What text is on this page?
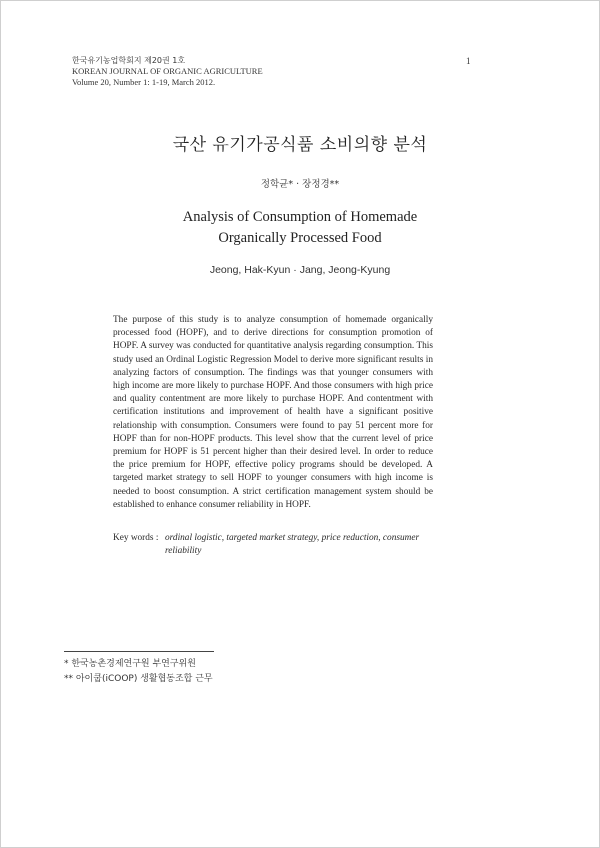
한국유기농업학회지 제20권 1호
KOREAN JOURNAL OF ORGANIC AGRICULTURE
Volume 20, Number 1: 1-19, March 2012.
1
국산 유기가공식품 소비의향 분석
정학균* · 장정경**
Analysis of Consumption of Homemade
Organically Processed Food
Jeong, Hak-Kyun · Jang, Jeong-Kyung
The purpose of this study is to analyze consumption of homemade organically processed food (HOPF), and to derive directions for consumption promotion of HOPF. A survey was conducted for quantitative analysis regarding consumption. This study used an Ordinal Logistic Regression Model to derive more significant results in analyzing factors of consumption. The findings was that younger consumers with high income are more likely to purchase HOPF. And those consumers with high price and quality contentment are more likely to purchase HOPF. And contentment with certification institutions and improvement of health have a significant positive relationship with consumption. Consumers were found to pay 51 percent more for HOPF than for non-HOPF products. This level show that the current level of price premium for HOPF is 51 percent higher than their desired level. In order to reduce the price premium for HOPF, effective policy programs should be developed. A targeted market strategy to sell HOPF to younger consumers with high income is needed to boost consumption. A strict certification management system should be established to enhance consumer reliability in HOPF.
Key words : ordinal logistic, targeted market strategy, price reduction, consumer reliability
* 한국농촌경제연구원 부연구위원
** 아이쿱(iCOOP) 생활협동조합 근무
